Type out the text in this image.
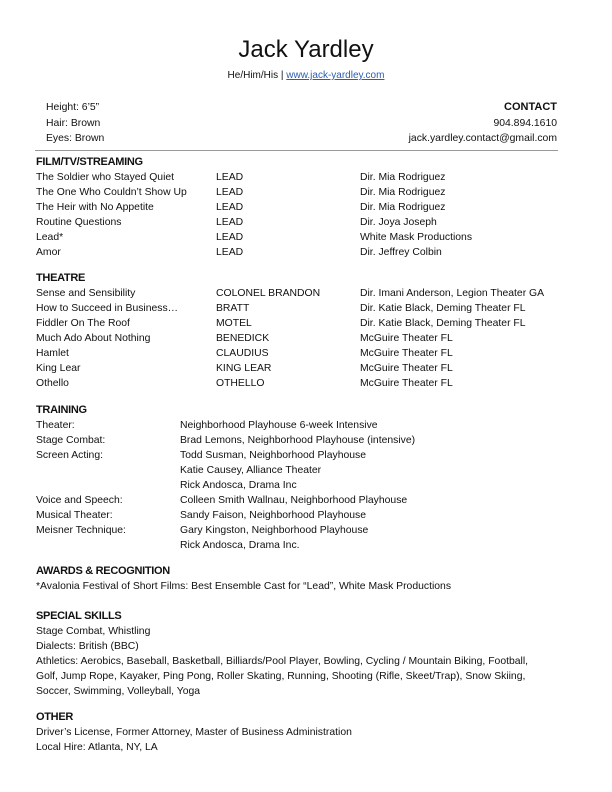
Jack Yardley
He/Him/His | www.jack-yardley.com
Height: 6’5”
Hair: Brown
Eyes: Brown
CONTACT
904.894.1610
jack.yardley.contact@gmail.com
FILM/TV/STREAMING
The Soldier who Stayed Quiet	LEAD	Dir. Mia Rodriguez
The One Who Couldn’t Show Up	LEAD	Dir. Mia Rodriguez
The Heir with No Appetite	LEAD	Dir. Mia Rodriguez
Routine Questions	LEAD	Dir. Joya Joseph
Lead*	LEAD	White Mask Productions
Amor	LEAD	Dir. Jeffrey Colbin
THEATRE
Sense and Sensibility	COLONEL BRANDON	Dir. Imani Anderson, Legion Theater GA
How to Succeed in Business…	BRATT	Dir. Katie Black, Deming Theater FL
Fiddler On The Roof	MOTEL	Dir. Katie Black, Deming Theater FL
Much Ado About Nothing	BENEDICK	McGuire Theater FL
Hamlet	CLAUDIUS	McGuire Theater FL
King Lear	KING LEAR	McGuire Theater FL
Othello	OTHELLO	McGuire Theater FL
TRAINING
Theater:	Neighborhood Playhouse 6-week Intensive
Stage Combat:	Brad Lemons, Neighborhood Playhouse (intensive)
Screen Acting:	Todd Susman, Neighborhood Playhouse
Katie Causey, Alliance Theater
Rick Andosca, Drama Inc
Voice and Speech:	Colleen Smith Wallnau, Neighborhood Playhouse
Musical Theater:	Sandy Faison, Neighborhood Playhouse
Meisner Technique:	Gary Kingston, Neighborhood Playhouse
Rick Andosca, Drama Inc.
AWARDS & RECOGNITION
*Avalonia Festival of Short Films: Best Ensemble Cast for “Lead”, White Mask Productions
SPECIAL SKILLS
Stage Combat, Whistling
Dialects: British (BBC)
Athletics: Aerobics, Baseball, Basketball, Billiards/Pool Player, Bowling, Cycling / Mountain Biking, Football,
Golf, Jump Rope, Kayaker, Ping Pong, Roller Skating, Running, Shooting (Rifle, Skeet/Trap), Snow Skiing,
Soccer, Swimming, Volleyball, Yoga
OTHER
Driver’s License, Former Attorney, Master of Business Administration
Local Hire: Atlanta, NY, LA
